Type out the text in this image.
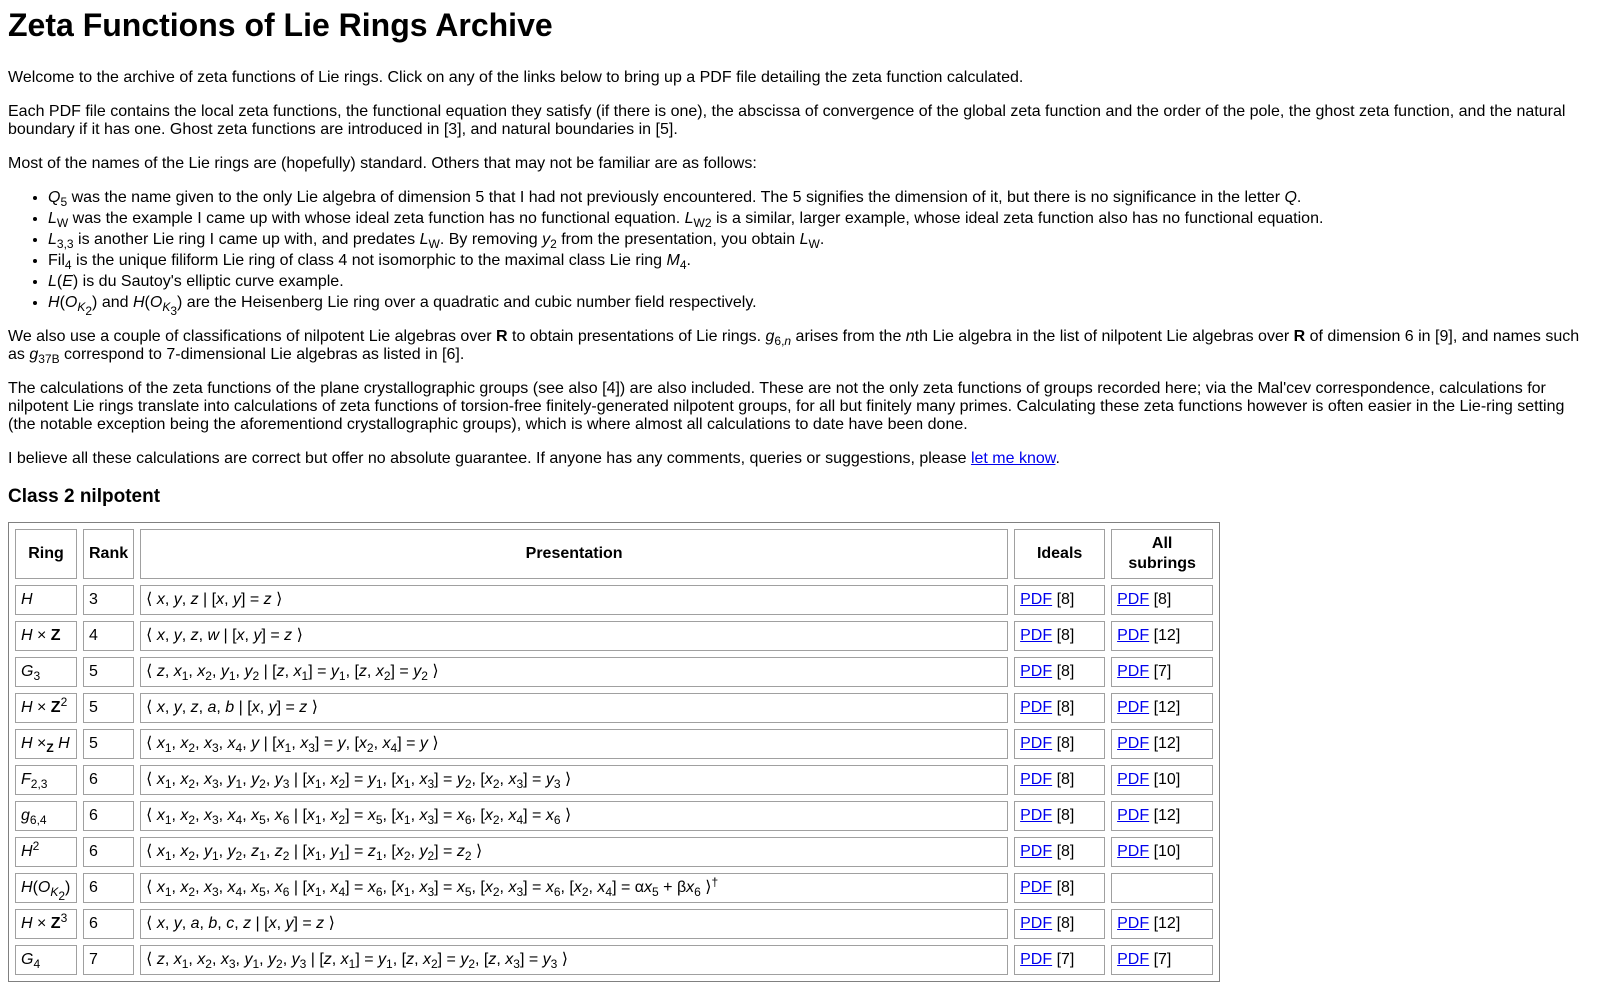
Zeta Functions of Lie Rings Archive

Welcome to the archive of zeta functions of Lie rings. Click on any of the links below to bring up a PDF file detailing the zeta function calculated.

Each PDF file contains the local zeta functions, the functional equation they satisfy (if there is one), the abscissa of convergence of the global zeta function and the order of the pole, the ghost zeta function, and the natural boundary if it has one. Ghost zeta functions are introduced in [3], and natural boundaries in [5].

Most of the names of the Lie rings are (hopefully) standard. Others that may not be familiar are as follows:

• $Q_5$ was the name given to the only Lie algebra of dimension 5 that I had not previously encountered. The 5 signifies the dimension of it, but there is no significance in the letter Q.
• $L_W$ was the example I came up with whose ideal zeta function has no functional equation. $L_{W2}$ is a similar, larger example, whose ideal zeta function also has no functional equation.
• $L_{3,3}$ is another Lie ring I came up with, and predates $L_W$. By removing $y_2$ from the presentation, you obtain $L_W$.
• Fil$_4$ is the unique filiform Lie ring of class 4 not isomorphic to the maximal class Lie ring $M_4$.
• L(E) is du Sautoy's elliptic curve example.
• $H(O_{K_2})$ and $H(O_{K_3})$ are the Heisenberg Lie ring over a quadratic and cubic number field respectively.

We also use a couple of classifications of nilpotent Lie algebras over R to obtain presentations of Lie rings. $g_{6,n}$ arises from the nth Lie algebra in the list of nilpotent Lie algebras over R of dimension 6 in [9], and names such as $g_{37B}$ correspond to 7-dimensional Lie algebras as listed in [6].

The calculations of the zeta functions of the plane crystallographic groups (see also [4]) are also included. These are not the only zeta functions of groups recorded here; via the Mal'cev correspondence, calculations for nilpotent Lie rings translate into calculations of zeta functions of torsion-free finitely-generated nilpotent groups, for all but finitely many primes. Calculating these zeta functions however is often easier in the Lie-ring setting (the notable exception being the aforementiond crystallographic groups), which is where almost all calculations to date have been done.

I believe all these calculations are correct but offer no absolute guarantee. If anyone has any comments, queries or suggestions, please let me know.

Class 2 nilpotent
Ring	Rank	Presentation	Ideals	All subrings
H	3	⟨ x, y, z | [x, y] = z ⟩	PDF [8]	PDF [8]
H × Z	4	⟨ x, y, z, w | [x, y] = z ⟩	PDF [8]	PDF [12]
$G_3$	5	⟨ z, $x_1$, $x_2$, $y_1$, $y_2$ | [z, $x_1] = y_1$, [z, $x_2] = y_2$ ⟩	PDF [8]	PDF [7]
$H \times Z^2$	5	⟨ x, y, z, a, b | [x, y] = z ⟩	PDF [8]	PDF [12]
$H \times_Z$ H	5	⟨ $x_1$, $x_2$, $x_3$, $x_4$, y | [$x_1$, $x_3] = y$, [$x_2$, $x_4] = y$ ⟩	PDF [8]	PDF [12]
$F_{2,3}$	6	⟨ $x_1$, $x_2$, $x_3$, $y_1$, $y_2$, $y_3$ | [$x_1$, $x_2] = y_1$, [$x_1$, $x_3] = y_2$, [$x_2$, $x_3] = y_3$ ⟩	PDF [8]	PDF [10]
$g_{6,4}$	6	⟨ $x_1$, $x_2$, $x_3$, $x_4$, $x_5$, $x_6$ | [$x_1$, $x_2] = x_5$, [$x_1$, $x_3] = x_6$, [$x_2$, $x_4] = x_6$ ⟩	PDF [8]	PDF [12]
$H^2$	6	⟨ $x_1$, $x_2$, $y_1$, $y_2$, $z_1$, $z_2$ | [$x_1$, $y_1] = z_1$, [$x_2$, $y_2] = z_2$ ⟩	PDF [8]	PDF [10]
$H(O_{K_2})$	6	⟨ $x_1$, $x_2$, $x_3$, $x_4$, $x_5$, $x_6$ | [$x_1$, $x_4] = x_6$, [$x_1$, $x_3] = x_5$, [$x_2$, $x_3] = x_6$, [$x_2$, $x_4] = \alpha x_5 + \beta x_6$ ⟩†	PDF [8]	
$H \times Z^3$	6	⟨ x, y, a, b, c, z | [x, y] = z ⟩	PDF [8]	PDF [12]
$G_4$	7	⟨ z, $x_1$, $x_2$, $x_3$, $y_1$, $y_2$, $y_3$ | [z, $x_1] = y_1$, [z, $x_2] = y_2$, [z, $x_3] = y_3$ ⟩	PDF [7]	PDF [7]
